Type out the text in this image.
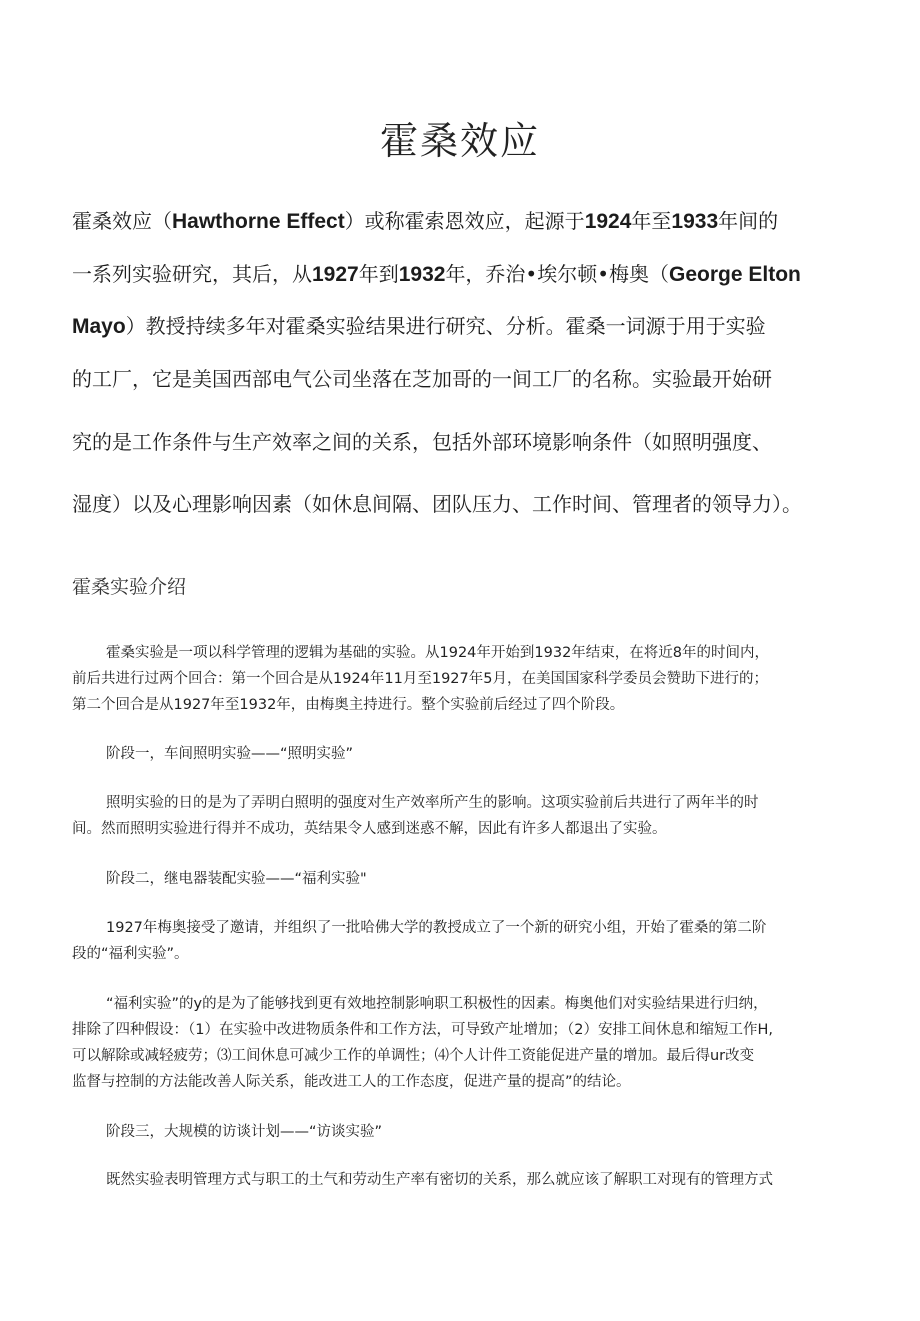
霍桑效应
霍桑效应（Hawthorne Effect）或称霍索恩效应，起源于1924年至1933年间的
一系列实验研究，其后，从1927年到1932年，乔治•埃尔顿•梅奥（George Elton
Mayo）教授持续多年对霍桑实验结果进行研究、分析。霍桑一词源于用于实验
的工厂，它是美国西部电气公司坐落在芝加哥的一间工厂的名称。实验最开始研
究的是工作条件与生产效率之间的关系，包括外部环境影响条件（如照明强度、
湿度）以及心理影响因素（如休息间隔、团队压力、工作时间、管理者的领导力）。
霍桑实验介绍
霍桑实验是一项以科学管理的逻辑为基础的实验。从1924年开始到1932年结束，在将近8年的时间内，
前后共进行过两个回合：第一个回合是从1924年11月至1927年5月，在美国国家科学委员会赞助下进行的；
第二个回合是从1927年至1932年，由梅奥主持进行。整个实验前后经过了四个阶段。
阶段一，车间照明实验——“照明实验”
照明实验的日的是为了弄明白照明的强度对生产效率所产生的影响。这项实验前后共进行了两年半的时
间。然而照明实验进行得并不成功，英结果令人感到迷惑不解，因此有许多人都退出了实验。
阶段二，继电器装配实验——“福利实验"
1927年梅奥接受了邀请，并组织了一批哈佛大学的教授成立了一个新的研究小组，开始了霍桑的第二阶
段的“福利实验”。
“福利实验”的y的是为了能够找到更有效地控制影响职工积极性的因素。梅奥他们对实验结果进行归纳，
排除了四种假设：（1）在实验中改进物质条件和工作方法，可导致产址增加；（2）安排工间休息和缩短工作H,
可以解除或减轻疲劳；⑶工间休息可减少工作的单调性；⑷个人计件工资能促进产量的增加。最后得ur改变
监督与控制的方法能改善人际关系，能改进工人的工作态度，促进产量的提高”的结论。
阶段三，大规模的访谈计划——“访谈实验”
既然实验表明管理方式与职工的土气和劳动生产率有密切的关系，那么就应该了解职工对现有的管理方式
